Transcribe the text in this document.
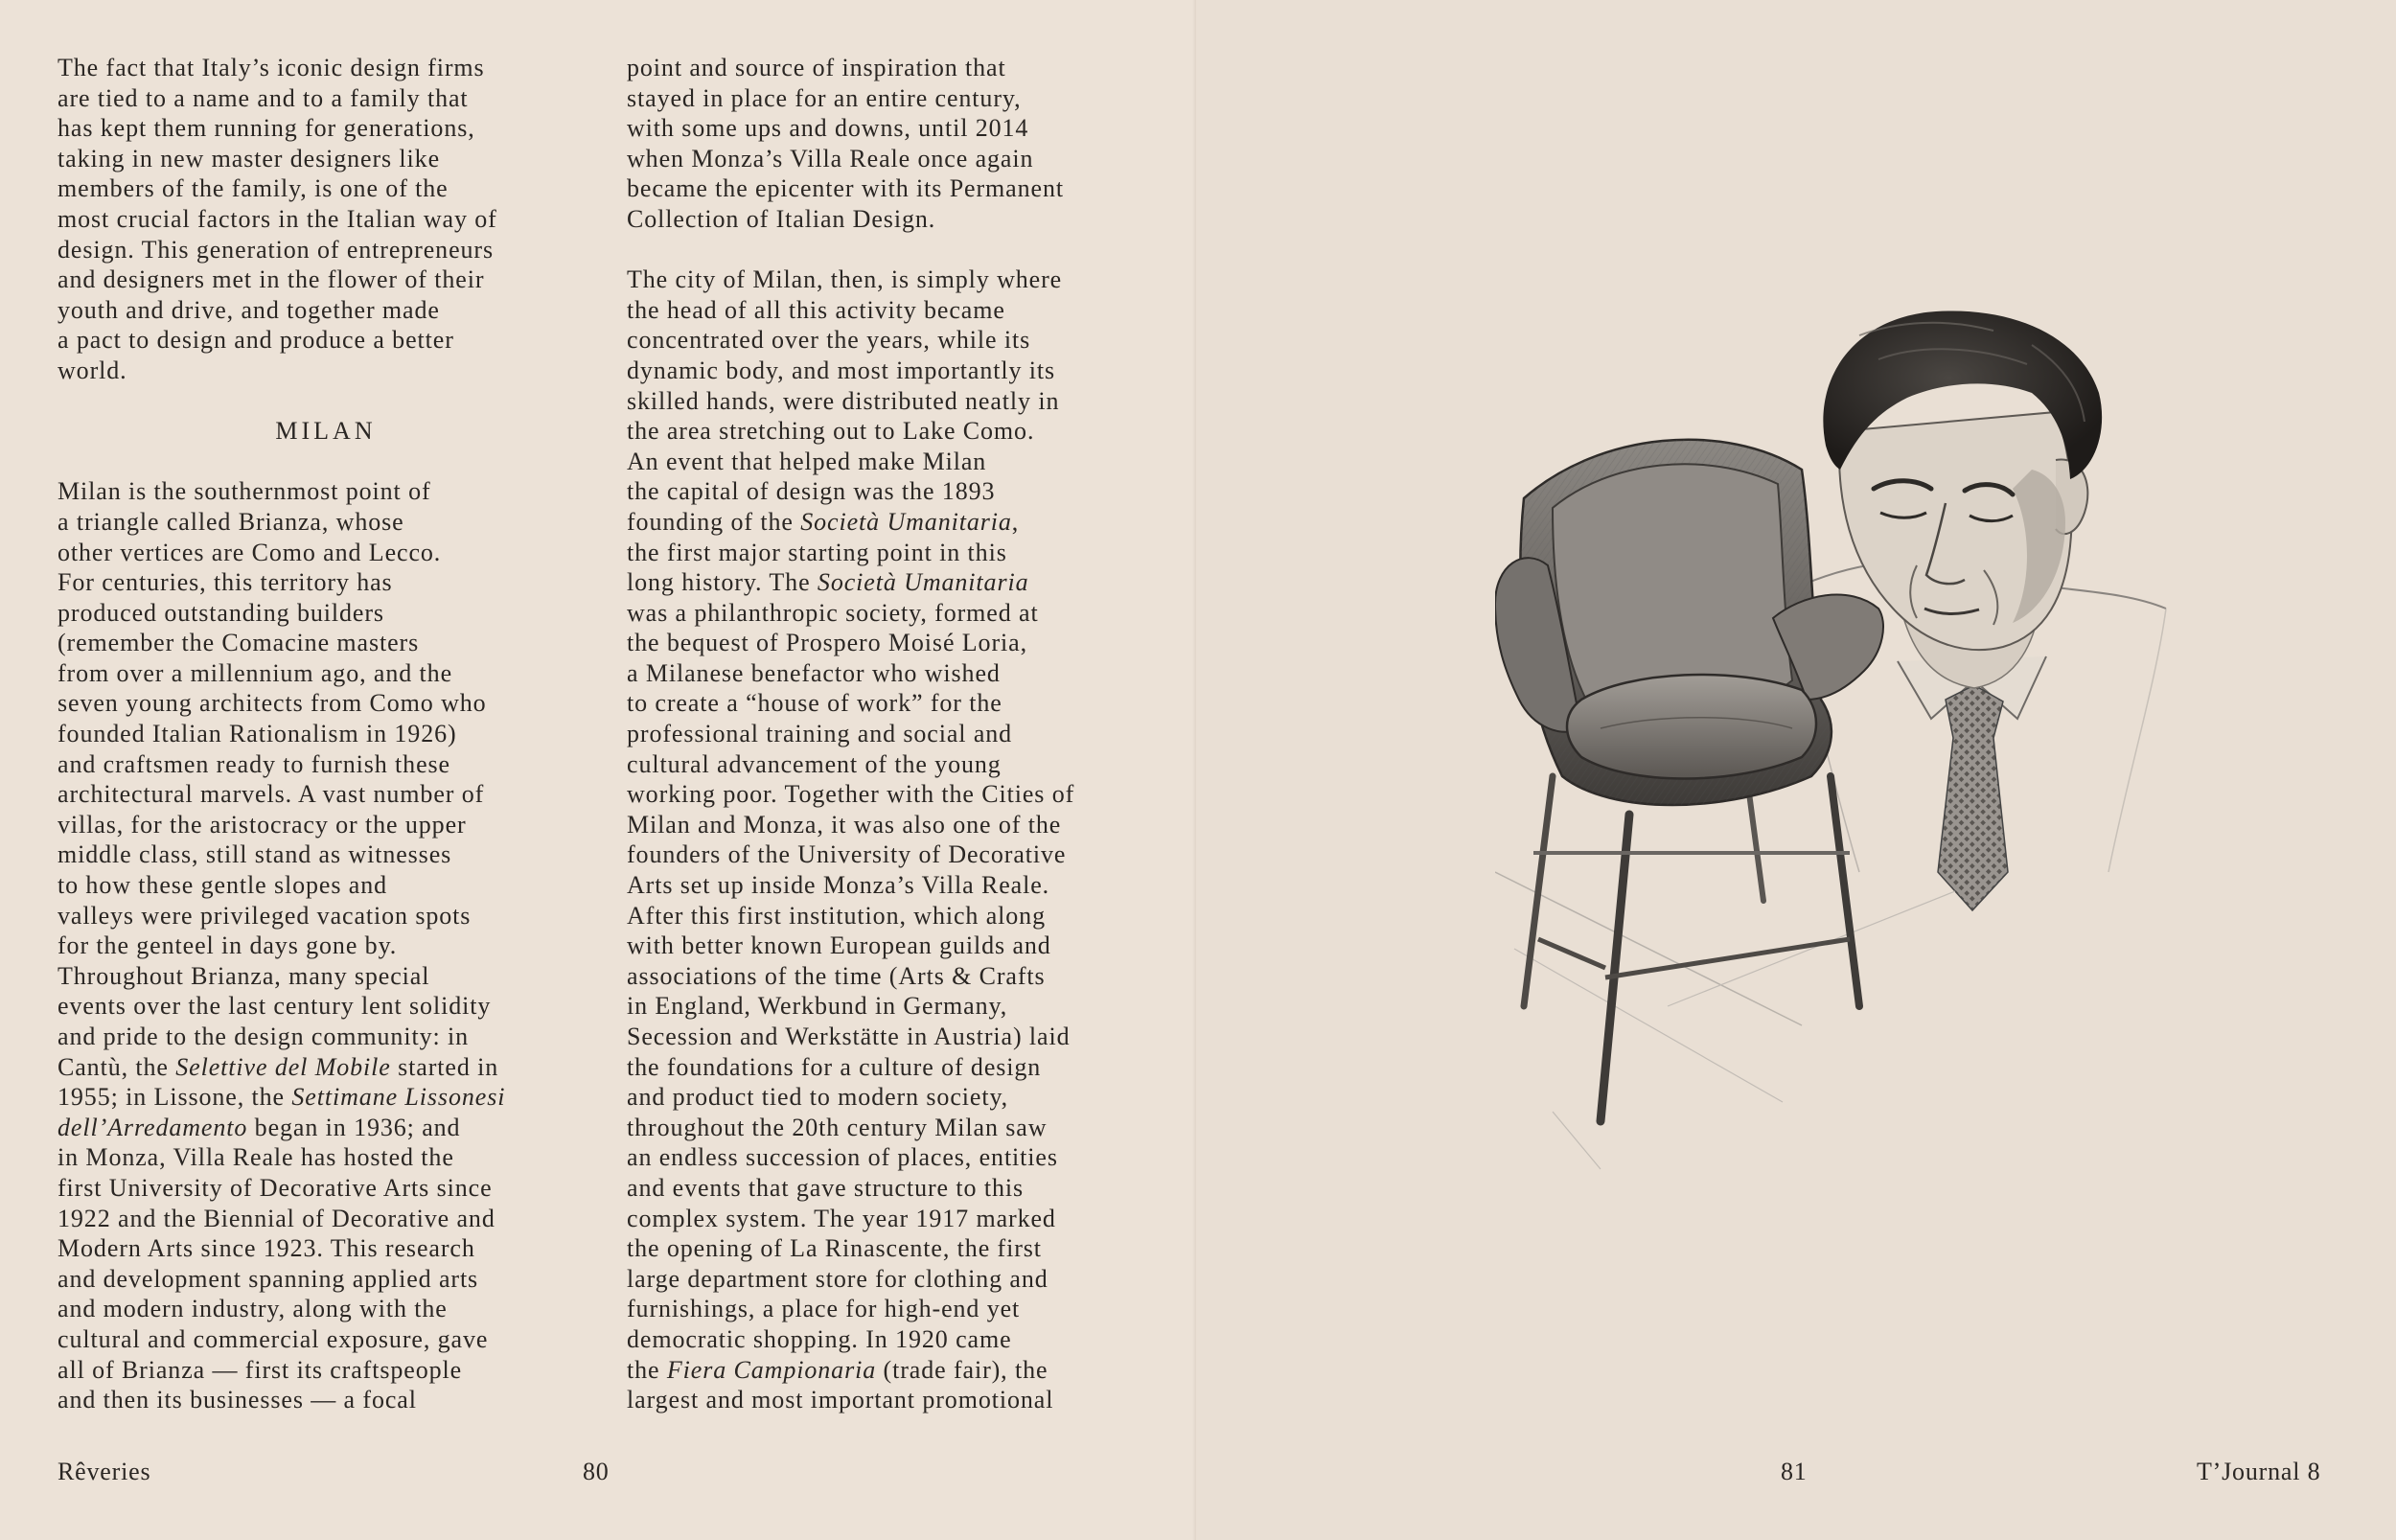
The fact that Italy’s iconic design firms
are tied to a name and to a family that
has kept them running for generations,
taking in new master designers like
members of the family, is one of the
most crucial factors in the Italian way of
design. This generation of entrepreneurs
and designers met in the flower of their
youth and drive, and together made
a pact to design and produce a better
world.
MILAN
Milan is the southernmost point of
a triangle called Brianza, whose
other vertices are Como and Lecco.
For centuries, this territory has
produced outstanding builders
(remember the Comacine masters
from over a millennium ago, and the
seven young architects from Como who
founded Italian Rationalism in 1926)
and craftsmen ready to furnish these
architectural marvels. A vast number of
villas, for the aristocracy or the upper
middle class, still stand as witnesses
to how these gentle slopes and
valleys were privileged vacation spots
for the genteel in days gone by.
Throughout Brianza, many special
events over the last century lent solidity
and pride to the design community: in
Cantù, the Selettive del Mobile started in
1955; in Lissone, the Settimane Lissonesi
dell’Arredamento began in 1936; and
in Monza, Villa Reale has hosted the
first University of Decorative Arts since
1922 and the Biennial of Decorative and
Modern Arts since 1923. This research
and development spanning applied arts
and modern industry, along with the
cultural and commercial exposure, gave
all of Brianza — first its craftspeople
and then its businesses — a focal
point and source of inspiration that
stayed in place for an entire century,
with some ups and downs, until 2014
when Monza’s Villa Reale once again
became the epicenter with its Permanent
Collection of Italian Design.
The city of Milan, then, is simply where
the head of all this activity became
concentrated over the years, while its
dynamic body, and most importantly its
skilled hands, were distributed neatly in
the area stretching out to Lake Como.
An event that helped make Milan
the capital of design was the 1893
founding of the Società Umanitaria,
the first major starting point in this
long history. The Società Umanitaria
was a philanthropic society, formed at
the bequest of Prospero Moisé Loria,
a Milanese benefactor who wished
to create a “house of work” for the
professional training and social and
cultural advancement of the young
working poor. Together with the Cities of
Milan and Monza, it was also one of the
founders of the University of Decorative
Arts set up inside Monza’s Villa Reale.
After this first institution, which along
with better known European guilds and
associations of the time (Arts & Crafts
in England, Werkbund in Germany,
Secession and Werkstätte in Austria) laid
the foundations for a culture of design
and product tied to modern society,
throughout the 20th century Milan saw
an endless succession of places, entities
and events that gave structure to this
complex system. The year 1917 marked
the opening of La Rinascente, the first
large department store for clothing and
furnishings, a place for high-end yet
democratic shopping. In 1920 came
the Fiera Campionaria (trade fair), the
largest and most important promotional
Rêveries	80	81	T’Journal 8
